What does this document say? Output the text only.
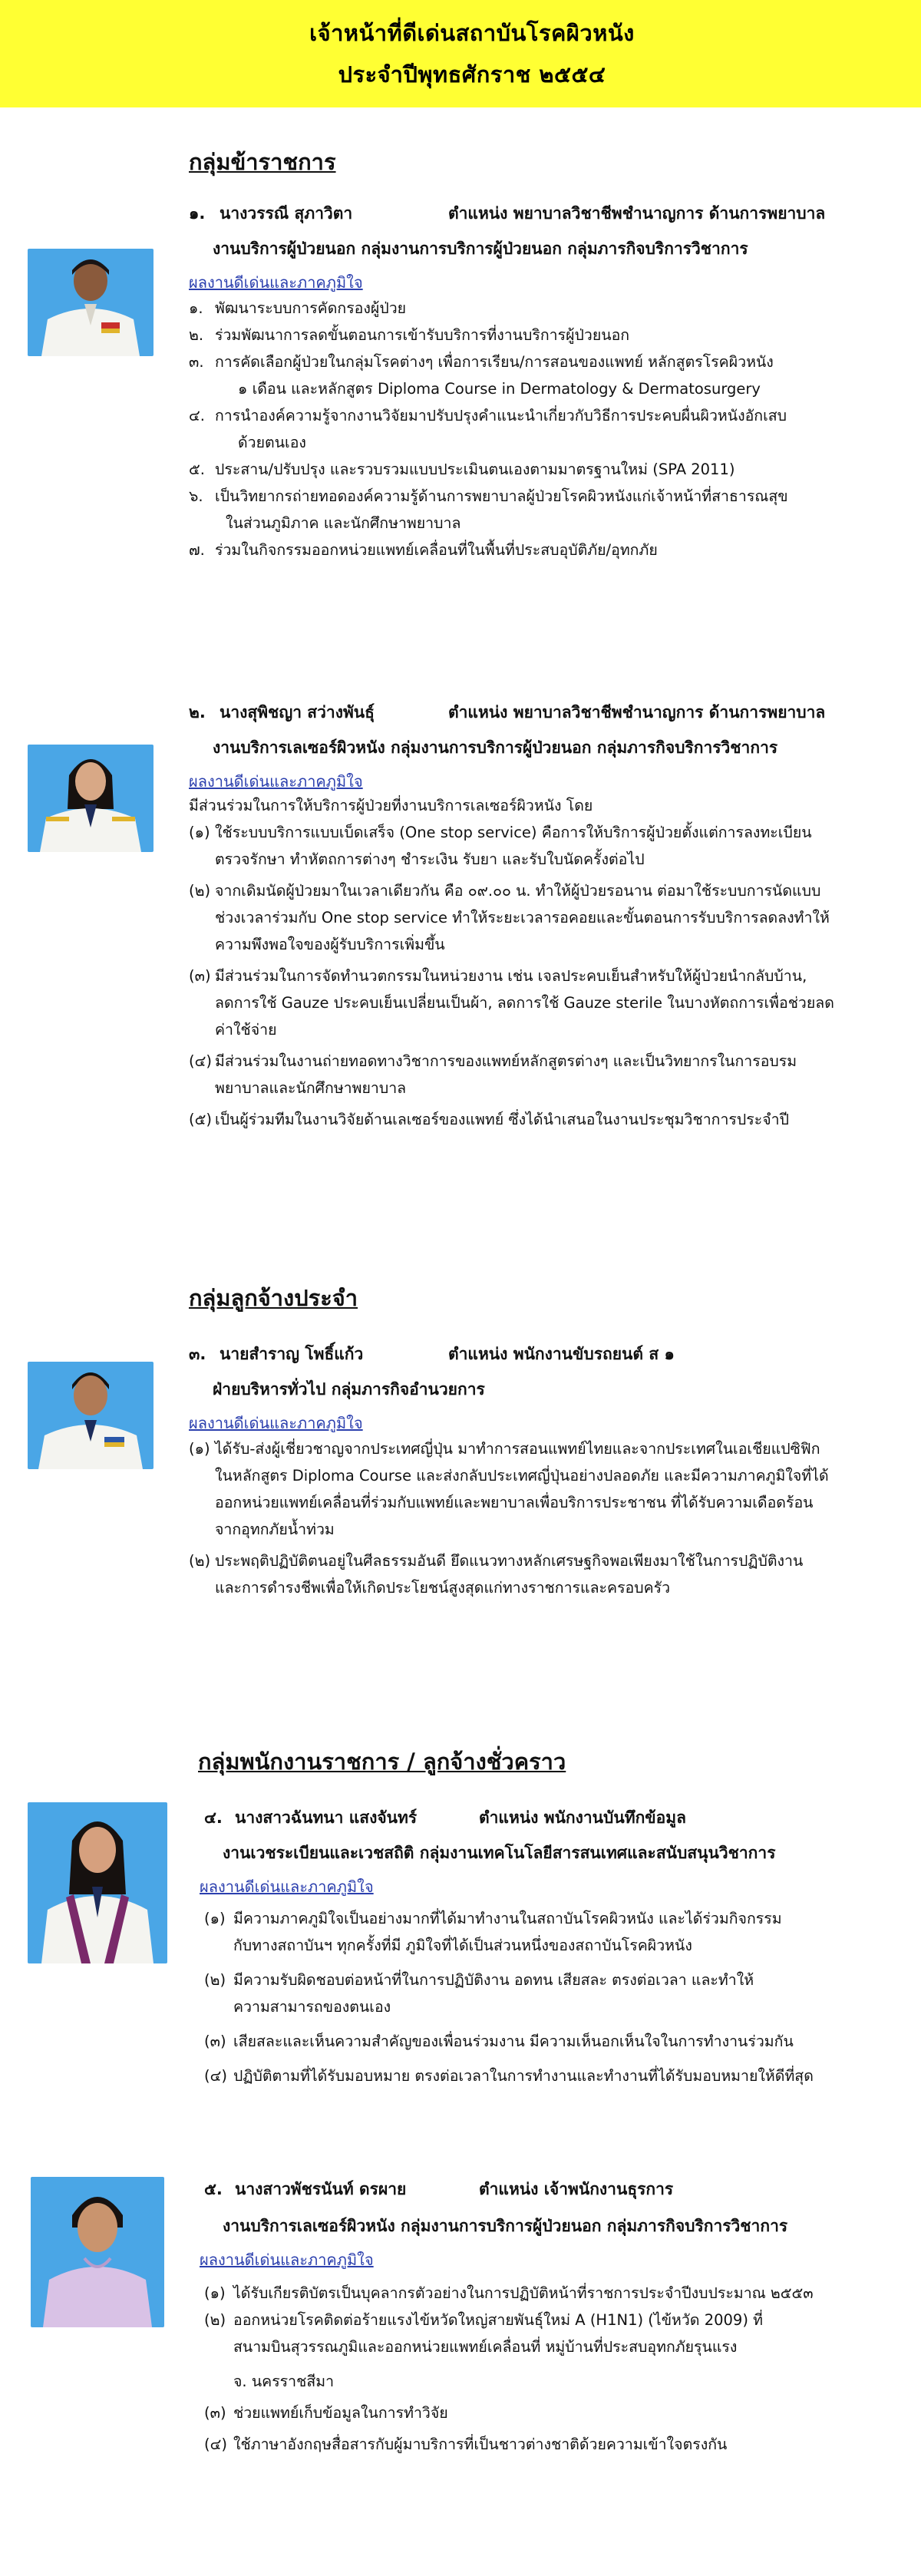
เจ้าหน้าที่ดีเด่นสถาบันโรคผิวหนัง
ประจำปีพุทธศักราช ๒๕๕๔
กลุ่มข้าราชการ
๑. นางวรรณี สุภาวิตา	ตำแหน่ง พยาบาลวิชาชีพชำนาญการ ด้านการพยาบาล
งานบริการผู้ป่วยนอก กลุ่มงานการบริการผู้ป่วยนอก กลุ่มภารกิจบริการวิชาการ
ผลงานดีเด่นและภาคภูมิใจ
๑. พัฒนาระบบการคัดกรองผู้ป่วย
๒. ร่วมพัฒนาการลดขั้นตอนการเข้ารับบริการที่งานบริการผู้ป่วยนอก
๓. การคัดเลือกผู้ป่วยในกลุ่มโรคต่างๆ เพื่อการเรียน/การสอนของแพทย์ หลักสูตรโรคผิวหนัง
๑ เดือน และหลักสูตร Diploma Course in Dermatology & Dermatosurgery
๔. การนำองค์ความรู้จากงานวิจัยมาปรับปรุงคำแนะนำเกี่ยวกับวิธีการประคบผื่นผิวหนังอักเสบ
ด้วยตนเอง
๕. ประสาน/ปรับปรุง และรวบรวมแบบประเมินตนเองตามมาตรฐานใหม่ (SPA 2011)
๖. เป็นวิทยากรถ่ายทอดองค์ความรู้ด้านการพยาบาลผู้ป่วยโรคผิวหนังแก่เจ้าหน้าที่สาธารณสุข
ในส่วนภูมิภาค และนักศึกษาพยาบาล
๗. ร่วมในกิจกรรมออกหน่วยแพทย์เคลื่อนที่ในพื้นที่ประสบอุบัติภัย/อุทกภัย
๒. นางสุพิชญา สว่างพันธุ์	ตำแหน่ง พยาบาลวิชาชีพชำนาญการ ด้านการพยาบาล
งานบริการเลเซอร์ผิวหนัง กลุ่มงานการบริการผู้ป่วยนอก กลุ่มภารกิจบริการวิชาการ
ผลงานดีเด่นและภาคภูมิใจ
มีส่วนร่วมในการให้บริการผู้ป่วยที่งานบริการเลเซอร์ผิวหนัง โดย
(๑) ใช้ระบบบริการแบบเบ็ดเสร็จ (One stop service) คือการให้บริการผู้ป่วยตั้งแต่การลงทะเบียน
ตรวจรักษา ทำหัตถการต่างๆ ชำระเงิน รับยา และรับใบนัดครั้งต่อไป
(๒) จากเดิมนัดผู้ป่วยมาในเวลาเดียวกัน คือ ๐๙.๐๐ น. ทำให้ผู้ป่วยรอนาน ต่อมาใช้ระบบการนัดแบบ
ช่วงเวลาร่วมกับ One stop service ทำให้ระยะเวลารอคอยและขั้นตอนการรับบริการลดลงทำให้
ความพึงพอใจของผู้รับบริการเพิ่มขึ้น
(๓) มีส่วนร่วมในการจัดทำนวตกรรมในหน่วยงาน เช่น เจลประคบเย็นสำหรับให้ผู้ป่วยนำกลับบ้าน,
ลดการใช้ Gauze ประคบเย็นเปลี่ยนเป็นผ้า, ลดการใช้ Gauze sterile ในบางหัตถการเพื่อช่วยลด
ค่าใช้จ่าย
(๔) มีส่วนร่วมในงานถ่ายทอดทางวิชาการของแพทย์หลักสูตรต่างๆ และเป็นวิทยากรในการอบรม
พยาบาลและนักศึกษาพยาบาล
(๕) เป็นผู้ร่วมทีมในงานวิจัยด้านเลเซอร์ของแพทย์ ซึ่งได้นำเสนอในงานประชุมวิชาการประจำปี
กลุ่มลูกจ้างประจำ
๓. นายสำราญ โพธิ์แก้ว	ตำแหน่ง พนักงานขับรถยนต์ ส ๑
ฝ่ายบริหารทั่วไป กลุ่มภารกิจอำนวยการ
ผลงานดีเด่นและภาคภูมิใจ
(๑) ได้รับ-ส่งผู้เชี่ยวชาญจากประเทศญี่ปุ่น มาทำการสอนแพทย์ไทยและจากประเทศในเอเชียแปซิฟิก
ในหลักสูตร Diploma Course และส่งกลับประเทศญี่ปุ่นอย่างปลอดภัย และมีความภาคภูมิใจที่ได้
ออกหน่วยแพทย์เคลื่อนที่ร่วมกับแพทย์และพยาบาลเพื่อบริการประชาชน ที่ได้รับความเดือดร้อน
จากอุทกภัยน้ำท่วม
(๒) ประพฤติปฏิบัติตนอยู่ในศีลธรรมอันดี ยึดแนวทางหลักเศรษฐกิจพอเพียงมาใช้ในการปฏิบัติงาน
และการดำรงชีพเพื่อให้เกิดประโยชน์สูงสุดแก่ทางราชการและครอบครัว
กลุ่มพนักงานราชการ / ลูกจ้างชั่วคราว
๔. นางสาวฉันทนา แสงจันทร์	ตำแหน่ง พนักงานบันทึกข้อมูล
งานเวชระเบียนและเวชสถิติ กลุ่มงานเทคโนโลยีสารสนเทศและสนับสนุนวิชาการ
ผลงานดีเด่นและภาคภูมิใจ
(๑) มีความภาคภูมิใจเป็นอย่างมากที่ได้มาทำงานในสถาบันโรคผิวหนัง และได้ร่วมกิจกรรม
กับทางสถาบันฯ ทุกครั้งที่มี ภูมิใจที่ได้เป็นส่วนหนึ่งของสถาบันโรคผิวหนัง
(๒) มีความรับผิดชอบต่อหน้าที่ในการปฏิบัติงาน อดทน เสียสละ ตรงต่อเวลา และทำให้
ความสามารถของตนเอง
(๓) เสียสละและเห็นความสำคัญของเพื่อนร่วมงาน มีความเห็นอกเห็นใจในการทำงานร่วมกัน
(๔) ปฏิบัติตามที่ได้รับมอบหมาย ตรงต่อเวลาในการทำงานและทำงานที่ได้รับมอบหมายให้ดีที่สุด
๕. นางสาวพัชรนันท์ ดรผาย	ตำแหน่ง เจ้าพนักงานธุรการ
งานบริการเลเซอร์ผิวหนัง กลุ่มงานการบริการผู้ป่วยนอก กลุ่มภารกิจบริการวิชาการ
ผลงานดีเด่นและภาคภูมิใจ
(๑) ได้รับเกียรติบัตรเป็นบุคลากรตัวอย่างในการปฏิบัติหน้าที่ราชการประจำปีงบประมาณ ๒๕๕๓
(๒) ออกหน่วยโรคติดต่อร้ายแรงไข้หวัดใหญ่สายพันธุ์ใหม่ A (H1N1) (ไข้หวัด 2009) ที่
สนามบินสุวรรณภูมิและออกหน่วยแพทย์เคลื่อนที่ หมู่บ้านที่ประสบอุทกภัยรุนแรง
จ. นครราชสีมา
(๓) ช่วยแพทย์เก็บข้อมูลในการทำวิจัย
(๔) ใช้ภาษาอังกฤษสื่อสารกับผู้มาบริการที่เป็นชาวต่างชาติด้วยความเข้าใจตรงกัน
